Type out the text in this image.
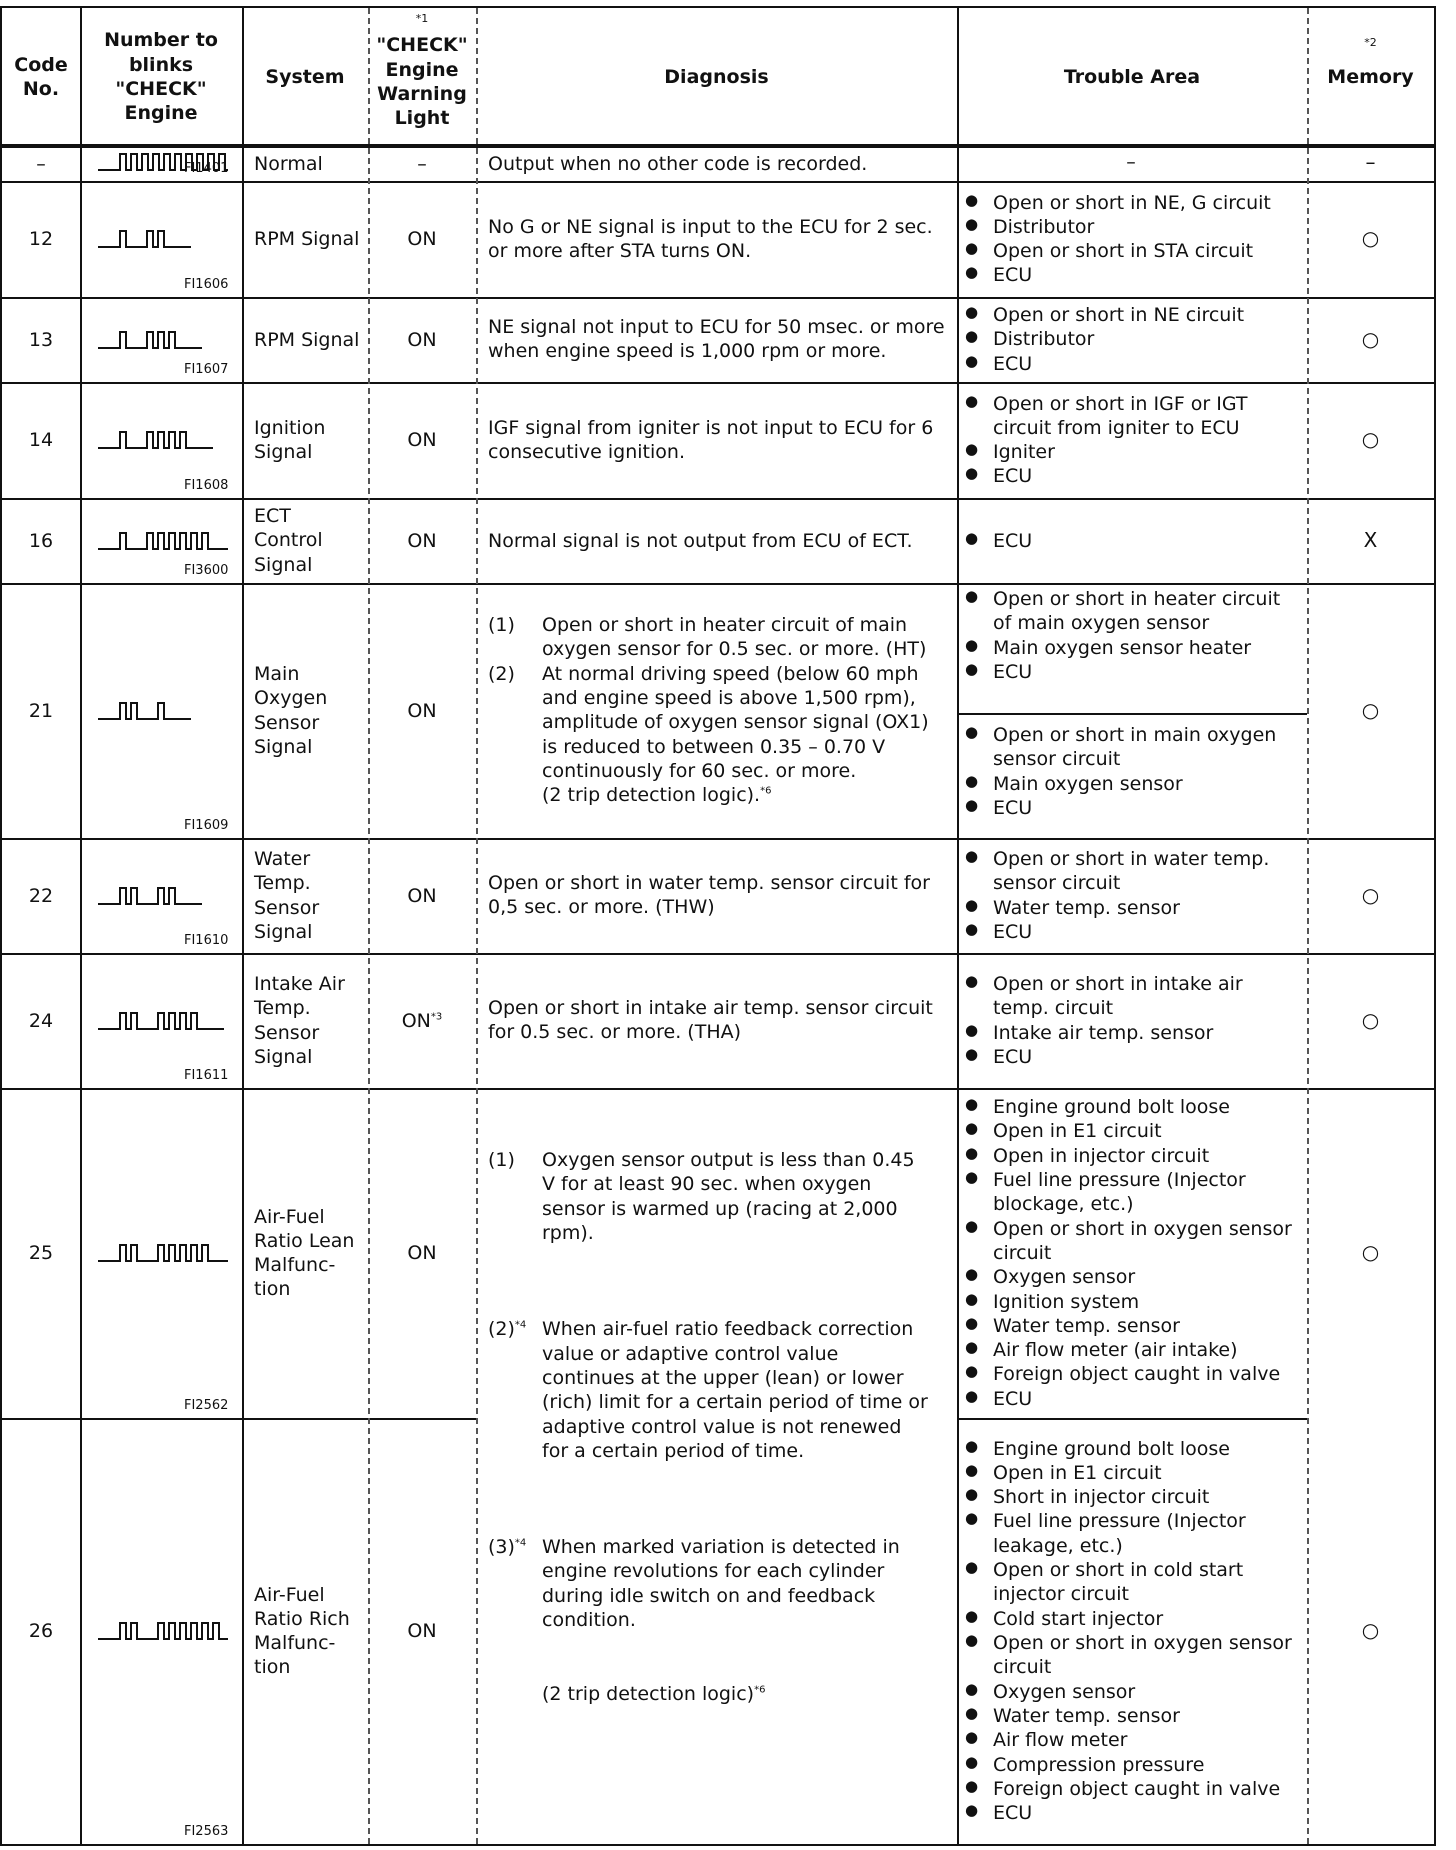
Code No.
Number to blinks "CHECK" Engine
System
"CHECK" Engine Warning Light
*1
Diagnosis	Trouble Area	Memory
*2
–	FI1401 Normal	–	–
Output when no other code is recorded.	–
12
FI1606
RPM Signal	ON	○
No G or NE signal is input to the ECU for 2 sec. or more after STA turns ON.
● Open or short in NE, G circuit
● Distributor
● Open or short in STA circuit
● ECU
13
FI1607
RPM Signal	ON	○
NE signal not input to ECU for 50 msec. or more when engine speed is 1,000 rpm or more.
● Open or short in NE circuit
● Distributor
● ECU
14
FI1608
Ignition Signal
ON	○
IGF signal from igniter is not input to ECU for 6 consecutive ignition.
● Open or short in IGF or IGT circuit from igniter to ECU
● Igniter
● ECU
16
FI3600
ECT Control Signal
ON	X
Normal signal is not output from ECU of ECT.
●	ECU
21
FI1609
Main Oxygen Sensor Signal
ON	○
(1) Open or short in heater circuit of main oxygen sensor for 0.5 sec. or more. (HT)
(2) At normal driving speed (below 60 mph and engine speed is above 1,500 rpm), amplitude of oxygen sensor signal (OX1) is reduced to between 0.35 – 0.70 V continuously for 60 sec. or more.
(2 trip detection logic).$^{*6}$
● Open or short in heater circuit of main oxygen sensor
● Main oxygen sensor heater
● ECU
● Open or short in main oxygen sensor circuit
● Main oxygen sensor
● ECU
22
FI1610
Water Temp. Sensor Signal
ON	○
Open or short in water temp. sensor circuit for 0,5 sec. or more. (THW)
● Open or short in water temp. sensor circuit
● Water temp. sensor
● ECU
24
FI1611
Intake Air Temp. Sensor Signal
ON$^{*3}$	○
Open or short in intake air temp. sensor circuit for 0.5 sec. or more. (THA)
● Open or short in intake air temp. circuit
● Intake air temp. sensor
● ECU
25
FI2562
Air-Fuel Ratio Lean Malfunc-tion
ON	○
● Engine ground bolt loose
● Open in E1 circuit
● Open in injector circuit
● Fuel line pressure (Injector blockage, etc.)
● Open or short in oxygen sensor circuit
● Oxygen sensor
● Ignition system
● Water temp. sensor
● Air flow meter (air intake)
● Foreign object caught in valve
● ECU
26
FI2563
Air-Fuel Ratio Rich Malfunc-tion
ON	○
● Engine ground bolt loose
● Open in E1 circuit
● Short in injector circuit
● Fuel line pressure (Injector leakage, etc.)
● Open or short in cold start injector circuit
● Cold start injector
● Open or short in oxygen sensor circuit
● Oxygen sensor
● Water temp. sensor
● Air flow meter
● Compression pressure
● Foreign object caught in valve
● ECU
(1) Oxygen sensor output is less than 0.45 V for at least 90 sec. when oxygen sensor is warmed up (racing at 2,000 rpm).
$(2)^{*4}$ When air-fuel ratio feedback correction value or adaptive control value continues at the upper (lean) or lower (rich) limit for a certain period of time or adaptive control value is not renewed for a certain period of time.
$(3)^{*4}$ When marked variation is detected in engine revolutions for each cylinder during idle switch on and feedback condition.
(2 trip detection logic)$^{*6}$
